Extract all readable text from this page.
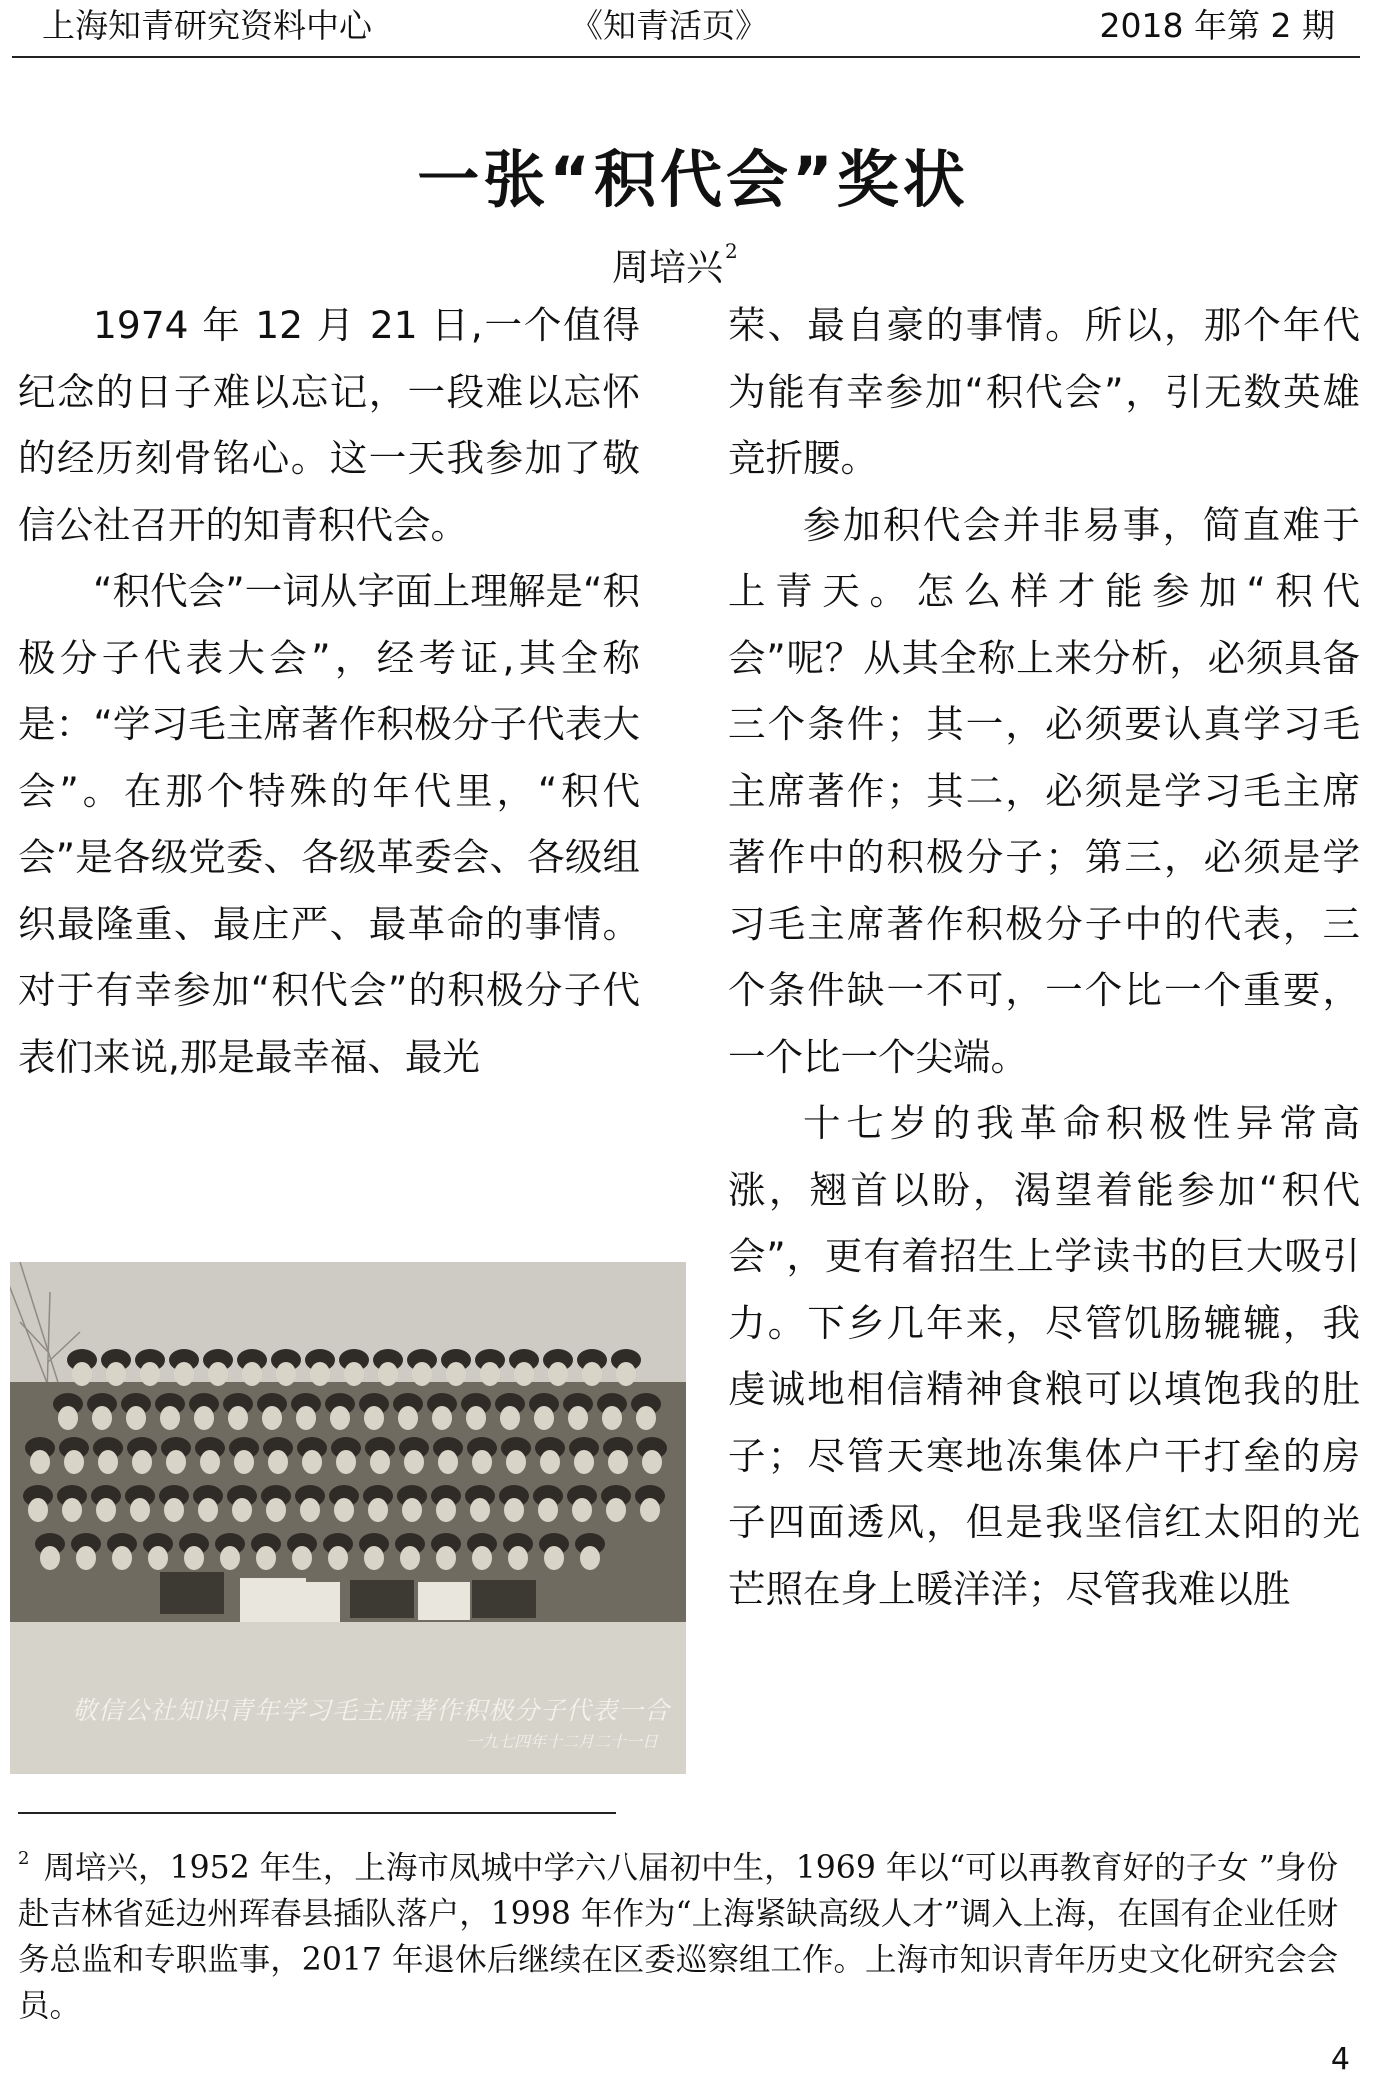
上海知青研究资料中心	《知青活页》	2018 年第 2 期
一张“积代会”奖状
周培兴 $^2$

1974 年 12 月 21 日,一个值得纪念的日子难以忘记，一段难以忘怀的经历刻骨铭心。这一天我参加了敬信公社召开的知青积代会。

“积代会”一词从字面上理解是“积极分子代表大会”，经考证,其全称是：“学习毛主席著作积极分子代表大会”。在那个特殊的年代里，“积代会”是各级党委、各级革委会、各级组织最隆重、最庄严、最革命的事情。对于有幸参加“积代会”的积极分子代表们来说,那是最幸福、最光

敬信公社知识青年学习毛主席著作积极分子代表一合
一九七四年十二月二十一日

荣、最自豪的事情。所以，那个年代为能有幸参加“积代会”，引无数英雄竞折腰。

参加积代会并非易事，简直难于上青天。怎么样才能参加“积代会”呢？从其全称上来分析，必须具备三个条件；其一，必须要认真学习毛主席著作；其二，必须是学习毛主席著作中的积极分子；第三，必须是学习毛主席著作积极分子中的代表，三个条件缺一不可，一个比一个重要，一个比一个尖端。

十七岁的我革命积极性异常高涨，翘首以盼，渴望着能参加“积代会”，更有着招生上学读书的巨大吸引力。下乡几年来，尽管饥肠辘辘，我虔诚地相信精神食粮可以填饱我的肚子；尽管天寒地冻集体户干打垒的房子四面透风，但是我坚信红太阳的光芒照在身上暖洋洋；尽管我难以胜

$^2$ 周培兴，1952 年生，上海市凤城中学六八届初中生，1969 年以“可以再教育好的子女 ”身份赴吉林省延边州珲春县插队落户，1998 年作为“上海紧缺高级人才”调入上海，在国有企业任财务总监和专职监事，2017 年退休后继续在区委巡察组工作。上海市知识青年历史文化研究会会员。
4
